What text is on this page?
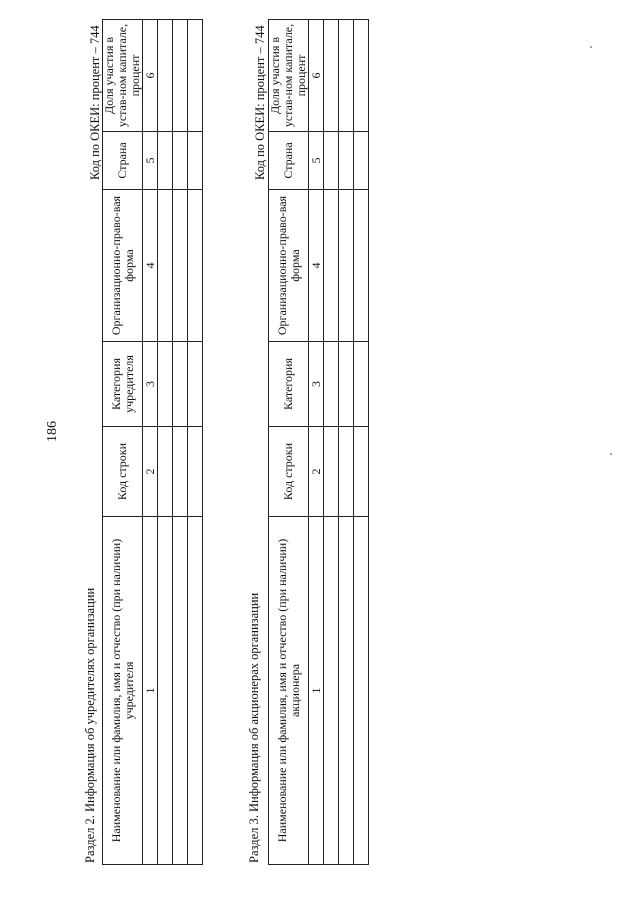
186
Раздел 2. Информация об учредителях организации
Код по ОКЕИ: процент – 744
Наименование или фамилия, имя и отчество (при наличии) учредителя	Код строки	Категория учредителя	Организационно-право-вая форма	Страна	Доля участия в устав-ном капитале, процент
1	2	3	4	5	6

Раздел 3. Информация об акционерах организации
Код по ОКЕИ: процент – 744
Наименование или фамилия, имя и отчество (при наличии) акционера	Код строки	Категория	Организационно-право-вая форма	Страна	Доля участия в устав-ном капитале, процент
1	2	3	4	5	6
